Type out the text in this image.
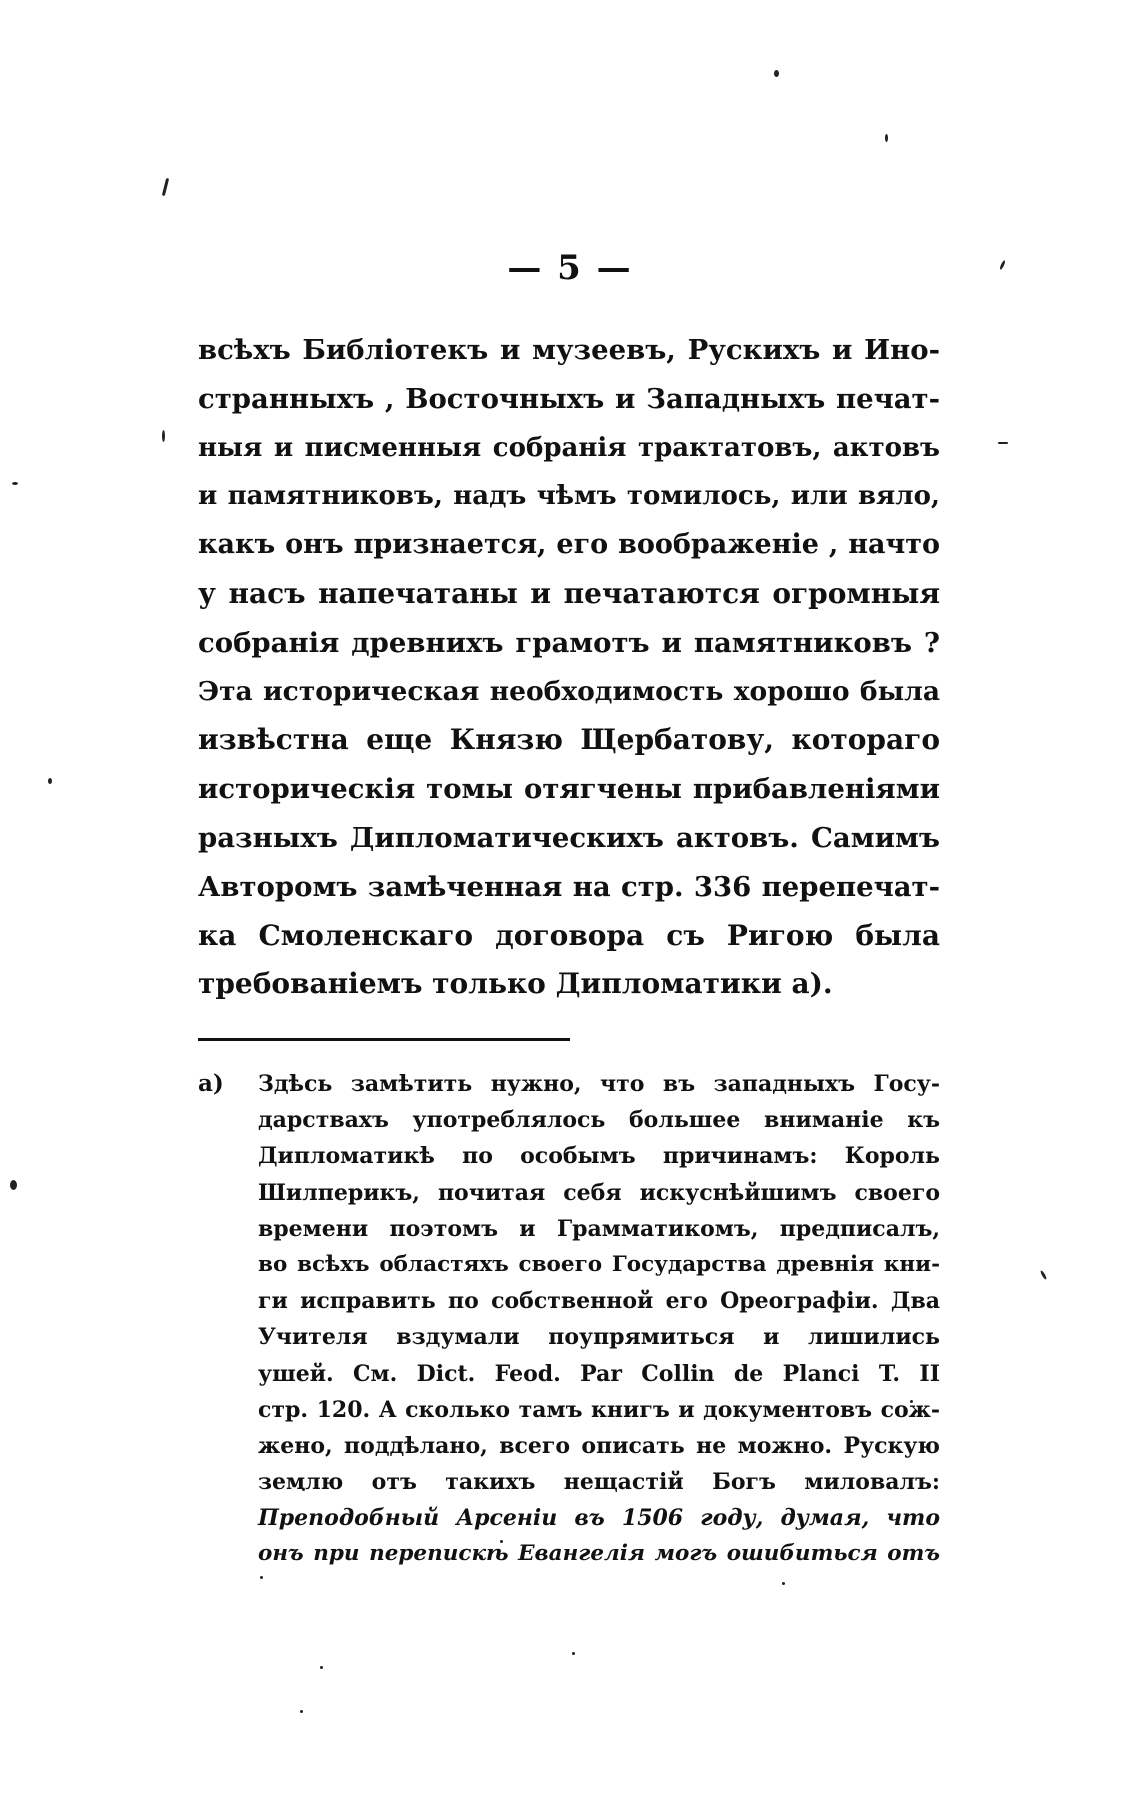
— 5 —
всѣхъ Библіотекъ и музеевъ, Рускихъ и Ино-
странныхъ , Восточныхъ и Западныхъ печат-
ныя и писменныя собранія трактатовъ, актовъ
и памятниковъ, надъ чѣмъ томилось, или вяло,
какъ онъ признается, его воображеніе , начто
у насъ напечатаны и печатаются огромныя
собранія древнихъ грамотъ и памятниковъ ?
Эта историческая необходимость хорошо была
извѣстна еще Князю Щербатову, котораго
историческія томы отягчены прибавленіями
разныхъ Дипломатическихъ актовъ. Самимъ
Авторомъ замѣченная на стр. 336 перепечат-
ка Смоленскаго договора съ Ригою была
требованіемъ только Дипломатики а).
а) Здѣсь замѣтить нужно, что въ западныхъ Госу-
дарствахъ употреблялось большее вниманіе къ
Дипломатикѣ по особымъ причинамъ: Король
Шилперикъ, почитая себя искуснѣйшимъ своего
времени поэтомъ и Грамматикомъ, предписалъ,
во всѣхъ областяхъ своего Государства древнія кни-
ги исправить по собственной его Ореографіи. Два
Учителя вздумали поупрямиться и лишились
ушей. См. Dict. Feod. Par Collin de Planci T. II
стр. 120. А сколько тамъ книгъ и документовъ сож-
жено, поддѣлано, всего описать не можно. Рускую
землю отъ такихъ нещастій Богъ миловалъ:
Преподобный Арсеніи въ 1506 году, думая, что
онъ при перепискѣ Евангелія могъ ошибиться отъ
